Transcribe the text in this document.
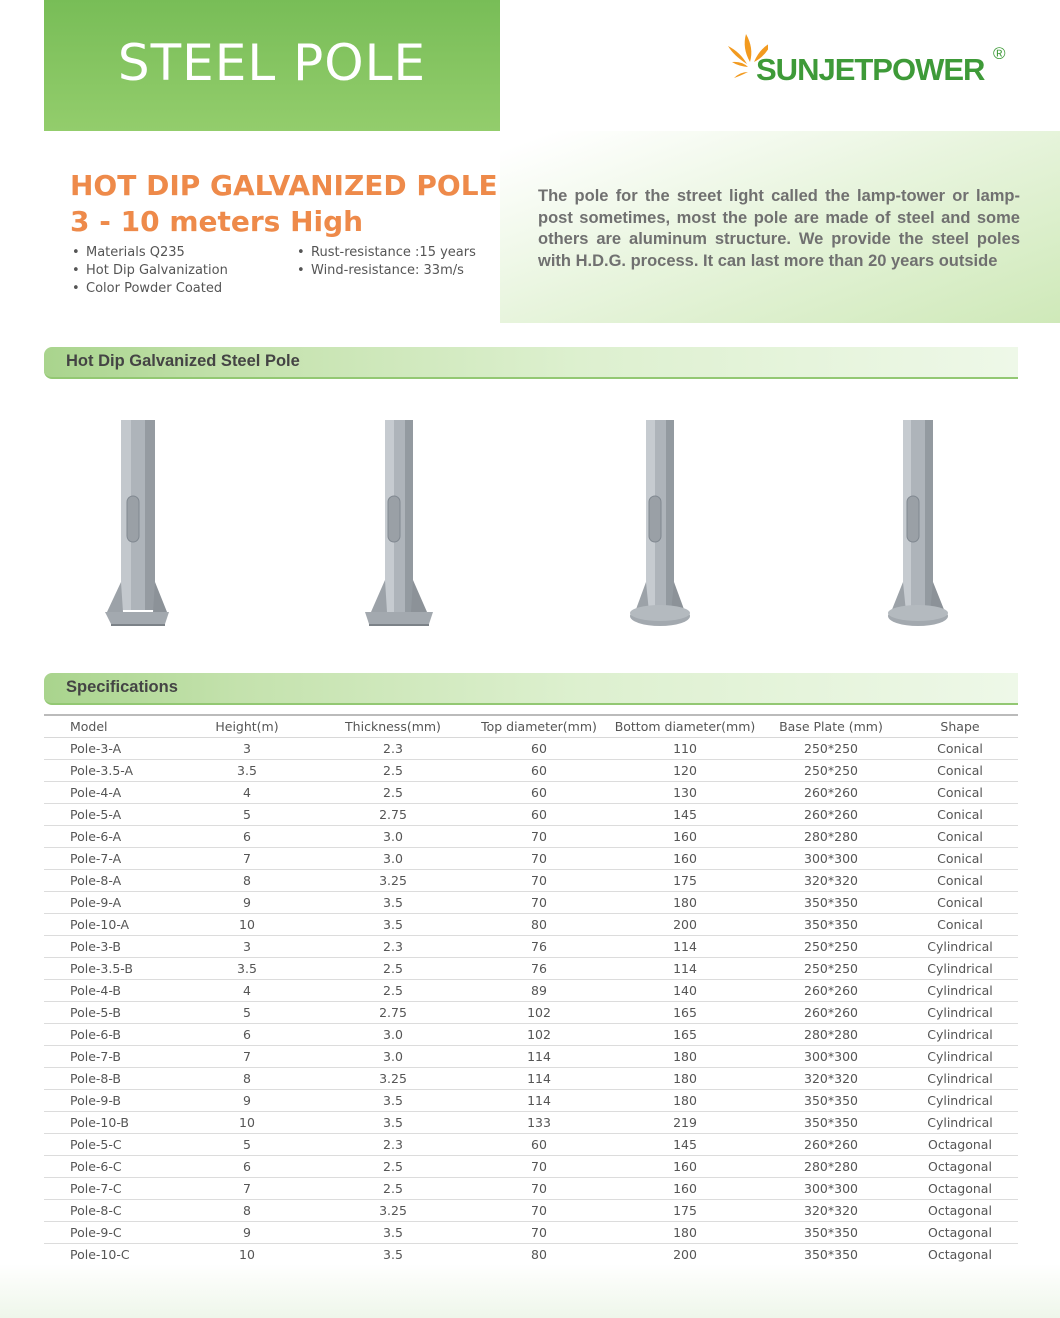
STEEL POLE	SUNJETPOWER ®
The pole for the street light called the lamp-tower or lamp-post sometimes, most the pole are made of steel and some others are aluminum structure. We provide the steel poles with H.D.G. process. It can last more than 20 years outside
HOT DIP GALVANIZED POLE
3 - 10 meters High
• Materials Q235
• Hot Dip Galvanization
• Color Powder Coated
• Rust-resistance :15 years
• Wind-resistance: 33m/s
Hot Dip Galvanized Steel Pole
Specifications
Model	Height(m)	Thickness(mm)	Top diameter(mm)	Bottom diameter(mm)	Base Plate (mm)	Shape
Pole-3-A	3	2.3	60	110	250*250	Conical
Pole-3.5-A	3.5	2.5	60	120	250*250	Conical
Pole-4-A	4	2.5	60	130	260*260	Conical
Pole-5-A	5	2.75	60	145	260*260	Conical
Pole-6-A	6	3.0	70	160	280*280	Conical
Pole-7-A	7	3.0	70	160	300*300	Conical
Pole-8-A	8	3.25	70	175	320*320	Conical
Pole-9-A	9	3.5	70	180	350*350	Conical
Pole-10-A	10	3.5	80	200	350*350	Conical
Pole-3-B	3	2.3	76	114	250*250	Cylindrical
Pole-3.5-B	3.5	2.5	76	114	250*250	Cylindrical
Pole-4-B	4	2.5	89	140	260*260	Cylindrical
Pole-5-B	5	2.75	102	165	260*260	Cylindrical
Pole-6-B	6	3.0	102	165	280*280	Cylindrical
Pole-7-B	7	3.0	114	180	300*300	Cylindrical
Pole-8-B	8	3.25	114	180	320*320	Cylindrical
Pole-9-B	9	3.5	114	180	350*350	Cylindrical
Pole-10-B	10	3.5	133	219	350*350	Cylindrical
Pole-5-C	5	2.3	60	145	260*260	Octagonal
Pole-6-C	6	2.5	70	160	280*280	Octagonal
Pole-7-C	7	2.5	70	160	300*300	Octagonal
Pole-8-C	8	3.25	70	175	320*320	Octagonal
Pole-9-C	9	3.5	70	180	350*350	Octagonal
Pole-10-C	10	3.5	80	200	350*350	Octagonal
